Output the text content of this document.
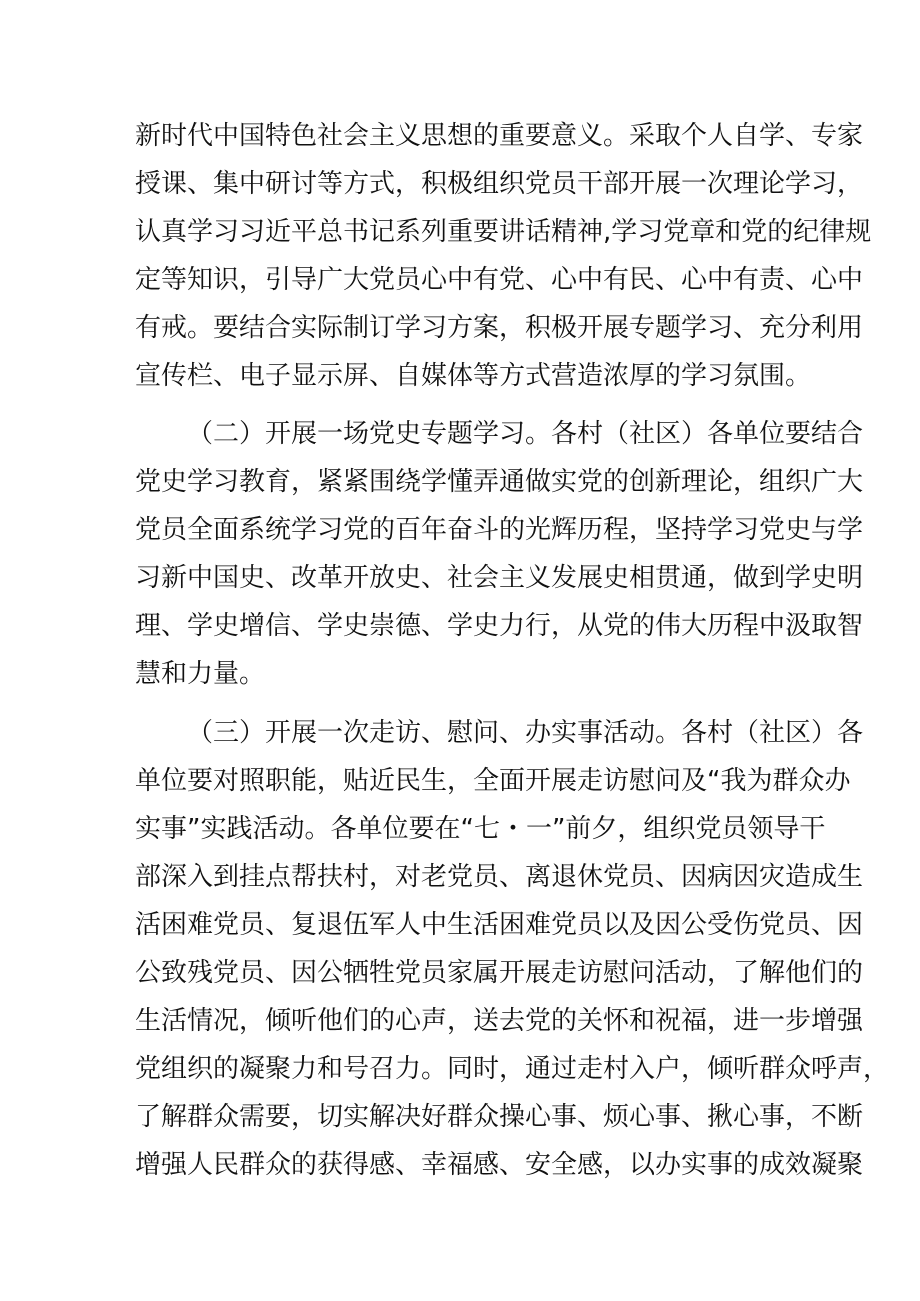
新时代中国特色社会主义思想的重要意义。采取个人自学、专家
授课、集中研讨等方式，积极组织党员干部开展一次理论学习，
认真学习习近平总书记系列重要讲话精神,学习党章和党的纪律规
定等知识，引导广大党员心中有党、心中有民、心中有责、心中
有戒。要结合实际制订学习方案，积极开展专题学习、充分利用
宣传栏、电子显示屏、自媒体等方式营造浓厚的学习氛围。
（二）开展一场党史专题学习。各村（社区）各单位要结合
党史学习教育，紧紧围绕学懂弄通做实党的创新理论，组织广大
党员全面系统学习党的百年奋斗的光辉历程，坚持学习党史与学
习新中国史、改革开放史、社会主义发展史相贯通，做到学史明
理、学史增信、学史崇德、学史力行，从党的伟大历程中汲取智
慧和力量。
（三）开展一次走访、慰问、办实事活动。各村（社区）各
单位要对照职能，贴近民生，全面开展走访慰问及“我为群众办
实事”实践活动。各单位要在“七・一”前夕，组织党员领导干
部深入到挂点帮扶村，对老党员、离退休党员、因病因灾造成生
活困难党员、复退伍军人中生活困难党员以及因公受伤党员、因
公致残党员、因公牺牲党员家属开展走访慰问活动，了解他们的
生活情况，倾听他们的心声，送去党的关怀和祝福，进一步增强
党组织的凝聚力和号召力。同时，通过走村入户，倾听群众呼声，
了解群众需要，切实解决好群众操心事、烦心事、揪心事，不断
增强人民群众的获得感、幸福感、安全感，以办实事的成效凝聚
